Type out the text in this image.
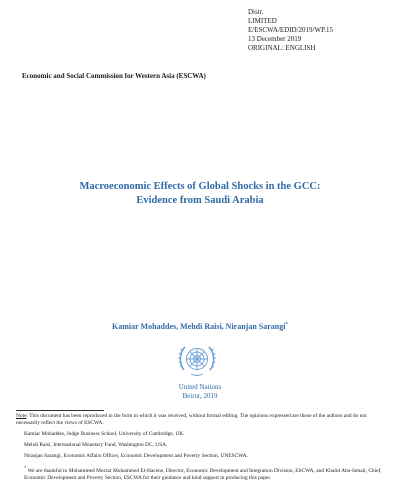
Distr.
LIMITED
E/ESCWA/EDID/2019/WP.15
13 December 2019
ORIGINAL: ENGLISH
Economic and Social Commission for Western Asia (ESCWA)
Macroeconomic Effects of Global Shocks in the GCC:
Evidence from Saudi Arabia
Kamiar Mohaddes, Mehdi Raisi, Niranjan Sarangi*
United Nations
Beirut, 2019

Note: This document has been reproduced in the form in which it was received, without formal editing. The opinions expressed are those of the authors and do not necessarily reflect the views of ESCWA.

Kamiar Mohaddes, Judge Business School, University of Cambridge, UK.

Mehdi Raisi, International Monetary Fund, Washington DC, USA.

Niranjan Sarangi, Economic Affairs Officer, Economic Development and Poverty Section, UNESCWA.

* We are thankful to Mohammed Moctar Mohammed El-Hacene, Director, Economic Development and Integration Division, ESCWA, and Khalid Abu-Ismail, Chief, Economic Development and Poverty Section, ESCWA for their guidance and kind support in producing this paper.
